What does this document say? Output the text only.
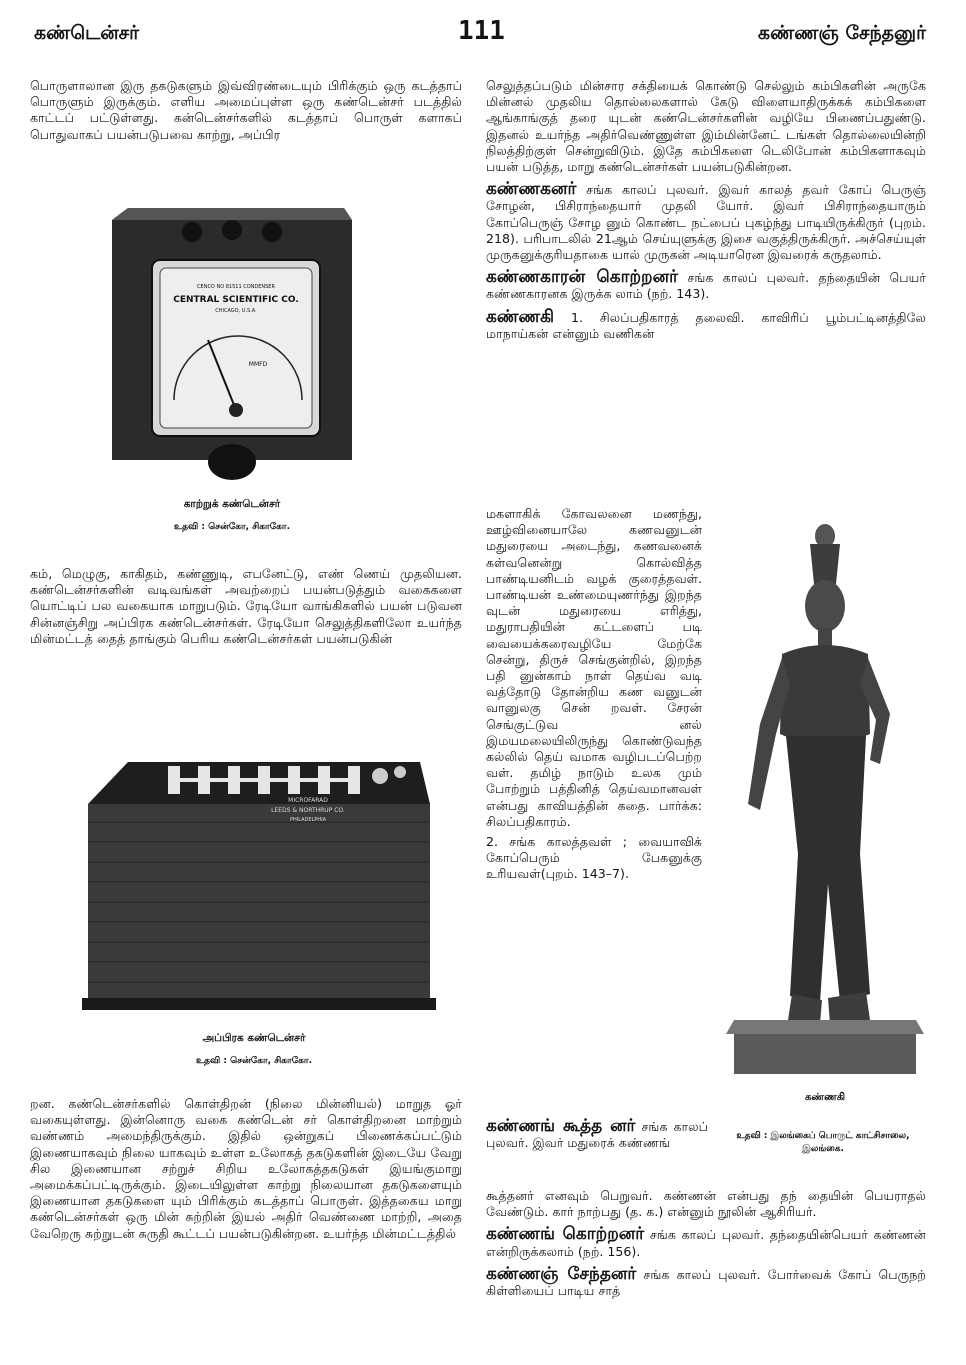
கண்டென்சர்	111	கண்ணஞ் சேந்தனுர்

பொருளாலான இரு தகடுகளும் இவ்விரண்டையும் பிரிக்கும் ஒரு கடத்தாப் பொருளும் இருக்கும். எளிய அமைப்புள்ள ஒரு கண்டென்சர் படத்தில் காட்டப் பட்டுள்ளது. கன்டென்சர்களில் கடத்தாப் பொருள் களாகப் பொதுவாகப் பயன்படுபவை காற்று, அப்பிர

CENCO NO 81511 CONDENSER
CENTRAL SCIENTIFIC CO.
CHICAGO, U.S.A.
MMFD
காற்றுக் கண்டென்சர்
உதவி : சென்கோ, சிகாகோ.

கம், மெழுகு, காகிதம், கண்ணுடி, எபனேட்டு, எண் ணெய் முதலியன. கண்டென்சர்களின் வடிவங்கள் அவற்றைப் பயன்படுத்தும் வகைகளை யொட்டிப் பல வகையாக மாறுபடும். ரேடியோ வாங்கிகளில் பயன் படுவன சின்னஞ்சிறு அப்பிரக கண்டென்சர்கள். ரேடியோ செலுத்திகளிலோ உயர்ந்த மின்மட்டத் தைத் தாங்கும் பெரிய கண்டென்சர்கள் பயன்படுகின்

MICROFARAD
LEEDS & NORTHRUP CO.
PHILADELPHIA
அப்பிரக கண்டென்சர்
உதவி : சென்கோ, சிகாகோ.

றன. கண்டென்சர்களில் கொள்திறன் (நிலை மின்னியல்) மாறுத ஓர் வகையுள்ளது. இன்னொரு வகை கண்டென் சர் கொள்திறனை மாற்றும் வண்ணம் அமைந்திருக்கும். இதில் ஒன்றுகப் பிணைக்கப்பட்டும் இணையாகவும் நிலை யாகவும் உள்ள உலோகத் தகடுகளின் இடையே வேறு சில இணையான சற்றுச் சிறிய உலோகத்தகடுகள் இயங்குமாறு அமைக்கப்பட்டிருக்கும். இடையிலுள்ள காற்று நிலையான தகடுகளையும் இணையான தகடுகளை யும் பிரிக்கும் கடத்தாப் பொருள். இத்தகைய மாறு கண்டென்சர்கள் ஒரு மின் சுற்றின் இயல் அதிர் வெண்ணை மாற்றி, அதை வேறெரு சுற்றுடன் சுருதி கூட்டப் பயன்படுகின்றன. உயர்ந்த மின்மட்டத்தில்

செலுத்தப்படும் மின்சார சக்தியைக் கொண்டு செல்லும் கம்பிகளின் அருகே மின்னல் முதலிய தொல்லைகளால் கேடு விளையாதிருக்கக் கம்பிகளை ஆங்காங்குத் தரை யுடன் கண்டென்சர்களின் வழியே பிணைப்பதுண்டு. இதனல் உயர்ந்த அதிர்வெண்ணுள்ள இம்மின்னேட் டங்கள் தொல்லையின்றி நிலத்திற்குள் சென்றுவிடும். இதே கம்பிகளை டெலிபோன் கம்பிகளாகவும் பயன் படுத்த, மாறு கண்டென்சர்கள் பயன்படுகின்றன.

கண்ணகனர் சங்க காலப் புலவர். இவர் காலத் தவர் கோப் பெருஞ் சோழன், பிசிராந்தையார் முதலி யோர். இவர் பிசிராந்தையாரும் கோப்பெருஞ் சோழ னும் கொண்ட நட்பைப் புகழ்ந்து பாடியிருக்கிருர் (புறம். 218). பரிபாடலில் 21ஆம் செய்யுளுக்கு இசை வகுத்திருக்கிருர். அச்செய்யுள் முருகனுக்குரியதாகை யால் முருகன் அடியாரென இவரைக் கருதலாம்.

கண்ணகாரன் கொற்றனர் சங்க காலப் புலவர். தந்தையின் பெயர் கண்ணகாரனக இருக்க லாம் (நற். 143).

கண்ணகி 1. சிலப்பதிகாரத் தலைவி. காவிரிப் பூம்பட்டினத்திலே மாநாய்கன் என்னும் வணிகன்

மகளாகிக் கோவலனை மணந்து, ஊழ்வினையாலே கணவனுடன் மதுரையை அடைந்து, கணவனைக் கள்வனென்று கொல்வித்த பாண்டியனிடம் வழக் குரைத்தவள். பாண்டியன் உண்மையுணர்ந்து இறந்த வுடன் மதுரையை எரித்து, மதுராபதியின் கட்டளைப் படி வையைக்கரைவழியே மேற்கே சென்று, திருச் செங்குன்றில், இறந்த பதி னுன்காம் நாள் தெய்வ வடி வத்தோடு தோன்றிய கண வனுடன் வானுலகு சென் றவள். சேரன் செங்குட்டுவ னல் இமயமலையிலிருந்து கொண்டுவந்த கல்லில் தெய் வமாக வழிபடப்பெற்ற வள். தமிழ் நாடும் உலக மும் போற்றும் பத்தினித் தெய்வமானவள் என்பது காவியத்தின் கதை. பார்க்க: சிலப்பதிகாரம்.

2. சங்க காலத்தவள் ; வையாவிக் கோப்பெரும் பேகனுக்கு உரியவள்(புறம். 143–7).

கண்ணகி
உதவி : இலங்கைப் பொருட் காட்சிசாலை, இலங்கை.

கண்ணங் கூத்த னர் சங்க காலப் புலவர். இவர் மதுரைக் கண்ணங்

கூத்தனர் எனவும் பெறுவர். கண்ணன் என்பது தந் தையின் பெயராதல் வேண்டும். கார் நாற்பது (த. க.) என்னும் நூலின் ஆசிரியர்.

கண்ணங் கொற்றனர் சங்க காலப் புலவர். தந்தையின்பெயர் கண்ணன் என்றிருக்கலாம் (நற். 156).

கண்ணஞ் சேந்தனர் சங்க காலப் புலவர். போர்வைக் கோப் பெருநற் கிள்ளியைப் பாடிய சாத்
